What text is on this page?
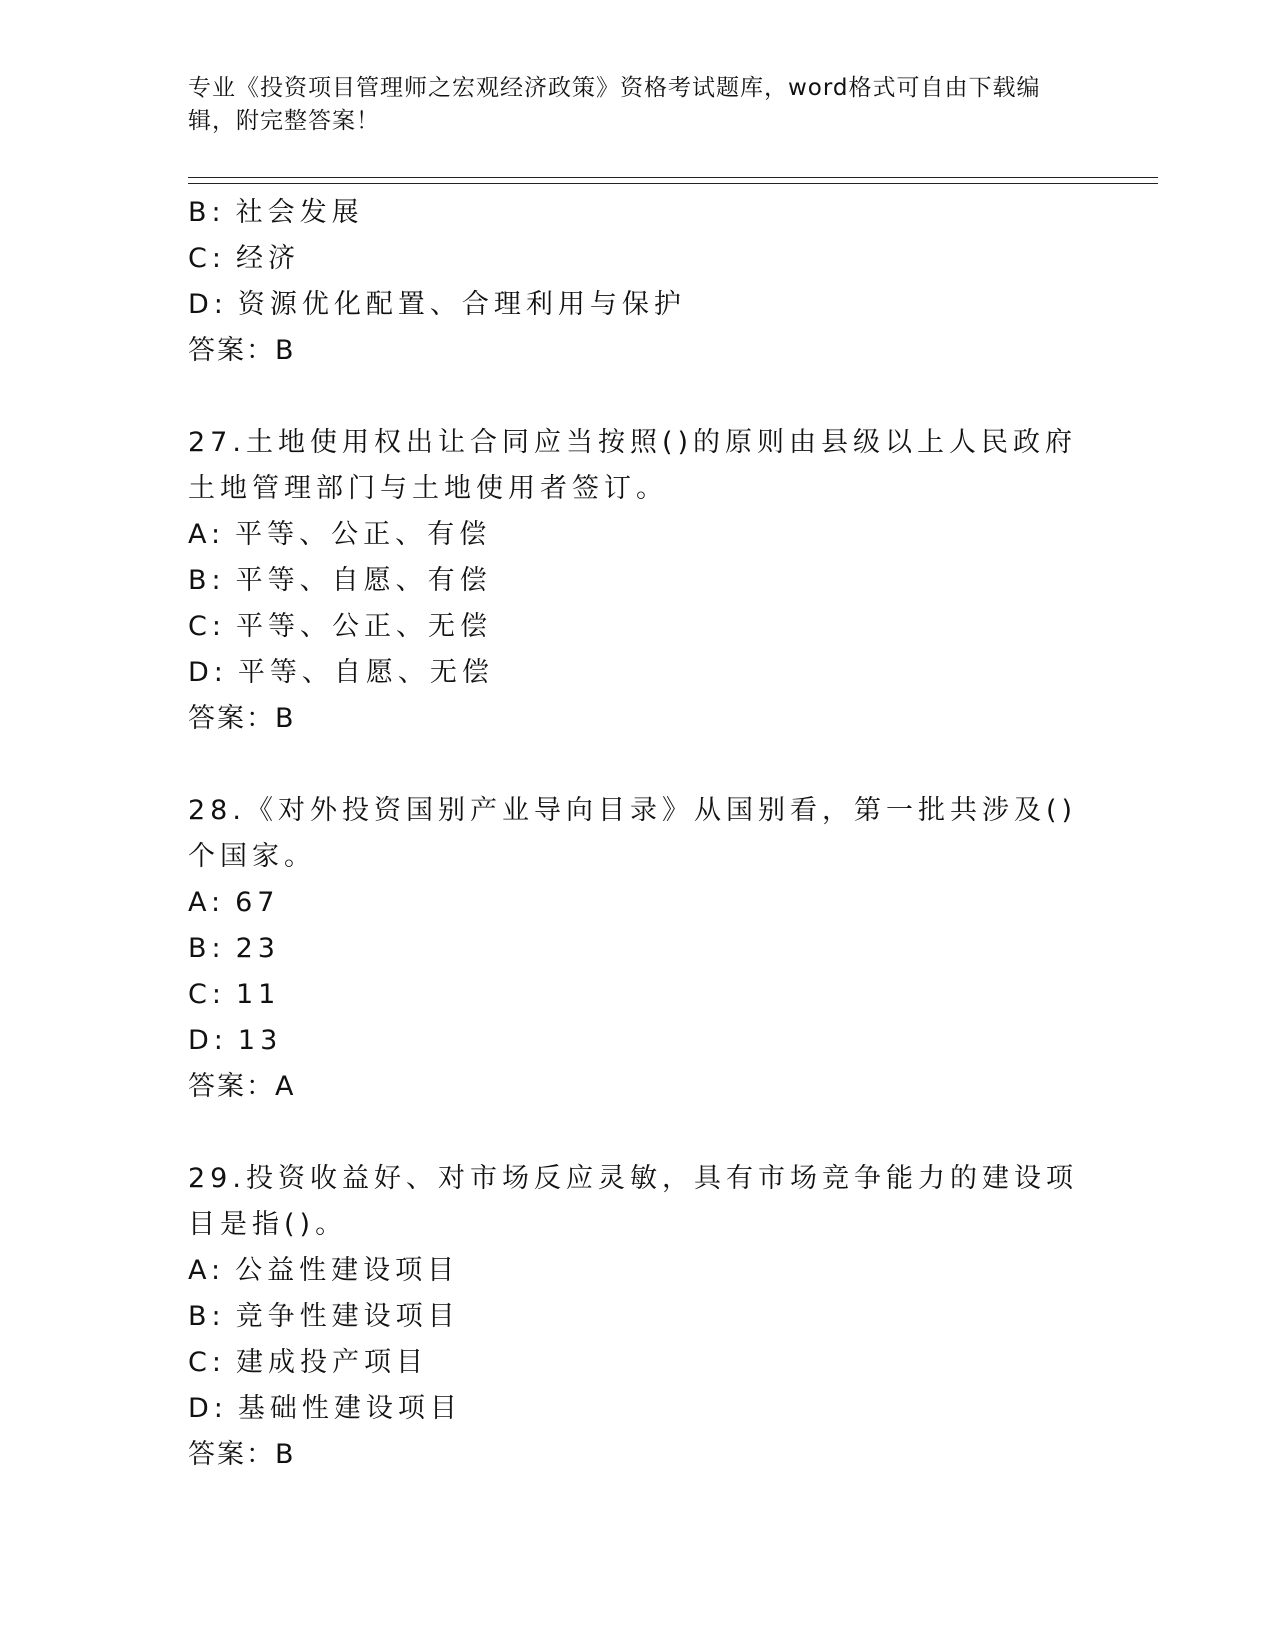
专业《投资项目管理师之宏观经济政策》资格考试题库，word格式可自由下载编辑，附完整答案！
B: 社会发展
C: 经济
D: 资源优化配置、合理利用与保护
答案：B
27.土地使用权出让合同应当按照()的原则由县级以上人民政府土地管理部门与土地使用者签订。
A: 平等、公正、有偿
B: 平等、自愿、有偿
C: 平等、公正、无偿
D: 平等、自愿、无偿
答案：B
28.《对外投资国别产业导向目录》从国别看，第一批共涉及()个国家。
A: 67
B: 23
C: 11
D: 13
答案：A
29.投资收益好、对市场反应灵敏，具有市场竞争能力的建设项目是指()。
A: 公益性建设项目
B: 竞争性建设项目
C: 建成投产项目
D: 基础性建设项目
答案：B
